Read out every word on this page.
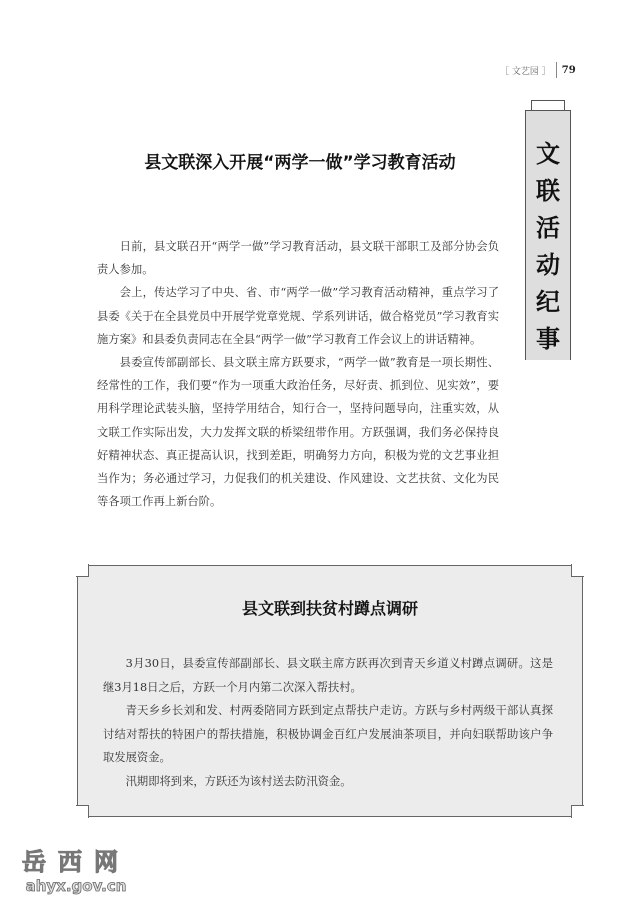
［ 文艺园 ］ 79
文
联
活
动
纪
事
县文联深入开展“两学一做”学习教育活动

日前，县文联召开“两学一做”学习教育活动，县文联干部职工及部分协会负责人参加。

会上，传达学习了中央、省、市“两学一做”学习教育活动精神，重点学习了县委《关于在全县党员中开展学党章党规、学系列讲话，做合格党员”学习教育实施方案》和县委负责同志在全县“两学一做”学习教育工作会议上的讲话精神。

县委宣传部副部长、县文联主席方跃要求，“两学一做”教育是一项长期性、经常性的工作，我们要“作为一项重大政治任务，尽好责、抓到位、见实效”，要用科学理论武装头脑，坚持学用结合，知行合一，坚持问题导向，注重实效，从文联工作实际出发，大力发挥文联的桥梁纽带作用。方跃强调，我们务必保持良好精神状态、真正提高认识，找到差距，明确努力方向，积极为党的文艺事业担当作为；务必通过学习，力促我们的机关建设、作风建设、文艺扶贫、文化为民等各项工作再上新台阶。

县文联到扶贫村蹲点调研

3月30日，县委宣传部副部长、县文联主席方跃再次到青天乡道义村蹲点调研。这是继3月18日之后，方跃一个月内第二次深入帮扶村。

青天乡乡长刘和发、村两委陪同方跃到定点帮扶户走访。方跃与乡村两级干部认真探讨结对帮扶的特困户的帮扶措施，积极协调金百红户发展油茶项目，并向妇联帮助该户争取发展资金。

汛期即将到来，方跃还为该村送去防汛资金。

岳西网
ahyx.gov.cn
